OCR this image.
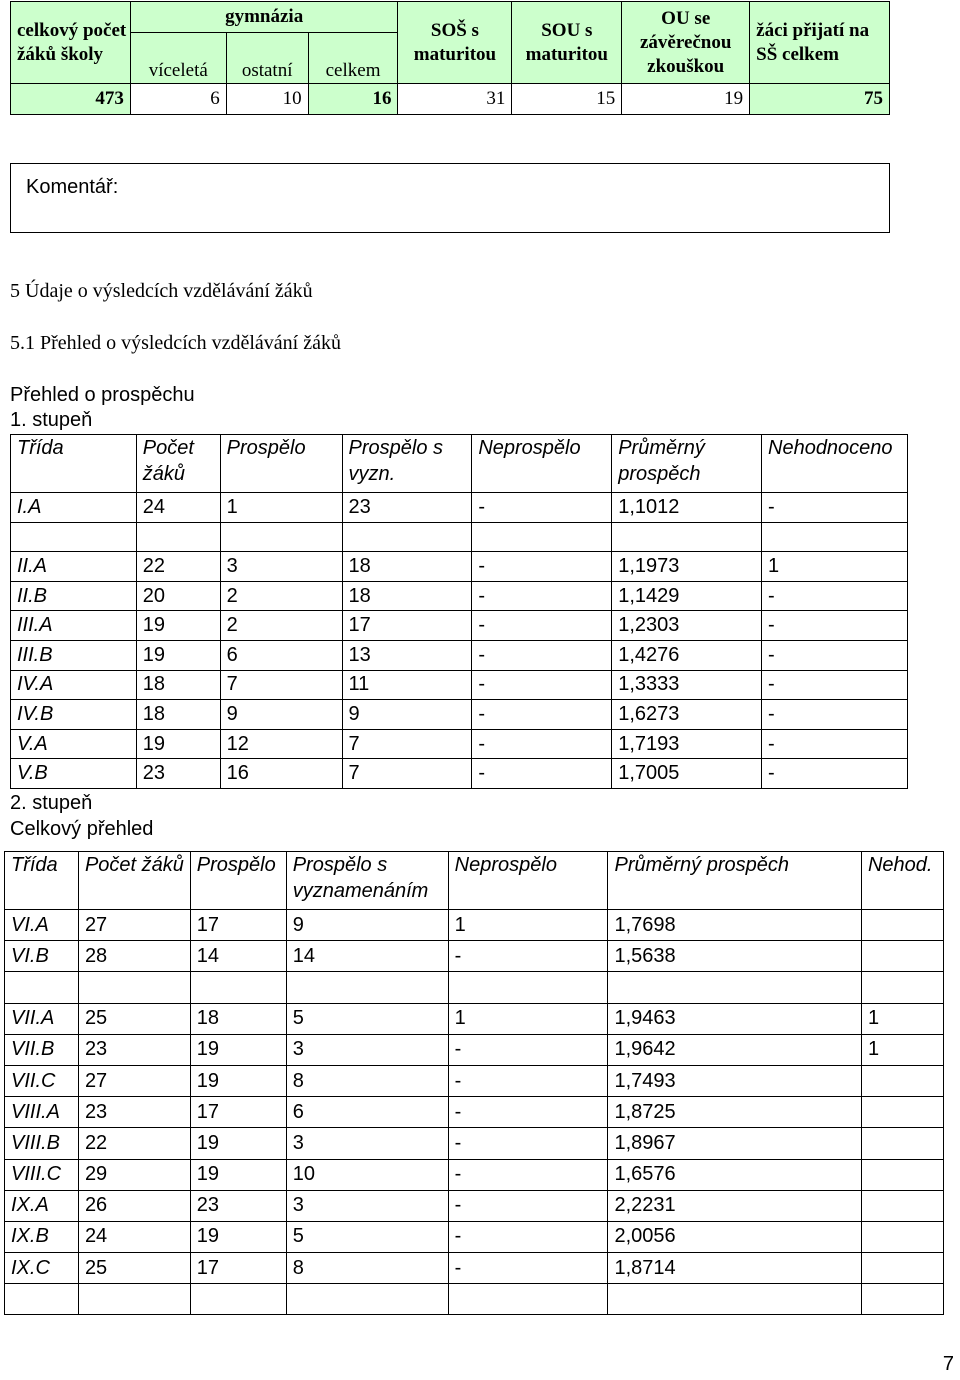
celkový počet žáků školy	gymnázia			SOŠ s maturitou	SOU s maturitou	OU se závěrečnou zkouškou	žáci přijatí na SŠ celkem
	víceletá	ostatní	celkem				
473	6	10	16	31	15	19	75
Komentář:
5 Údaje o výsledcích vzdělávání žáků
5.1 Přehled o výsledcích vzdělávání žáků
Přehled o prospěchu
1. stupeň
Třída	Počet žáků	Prospělo	Prospělo s vyzn.	Neprospělo	Průměrný prospěch	Nehodnoceno
I.A	24	1	23	-	1,1012	-

II.A	22	3	18	-	1,1973	1
II.B	20	2	18	-	1,1429	-
III.A	19	2	17	-	1,2303	-
III.B	19	6	13	-	1,4276	-
IV.A	18	7	11	-	1,3333	-
IV.B	18	9	9	-	1,6273	-
V.A	19	12	7	-	1,7193	-
V.B	23	16	7	-	1,7005	-
2. stupeň
Celkový přehled
Třída	Počet žáků	Prospělo	Prospělo s vyznamenáním	Neprospělo	Průměrný prospěch	Nehod.
VI.A	27	17	9	1	1,7698	
VI.B	28	14	14	-	1,5638	

VII.A	25	18	5	1	1,9463	1
VII.B	23	19	3	-	1,9642	1
VII.C	27	19	8	-	1,7493	
VIII.A	23	17	6	-	1,8725	
VIII.B	22	19	3	-	1,8967	
VIII.C	29	19	10	-	1,6576	
IX.A	26	23	3	-	2,2231	
IX.B	24	19	5	-	2,0056	
IX.C	25	17	8	-	1,8714	

7
